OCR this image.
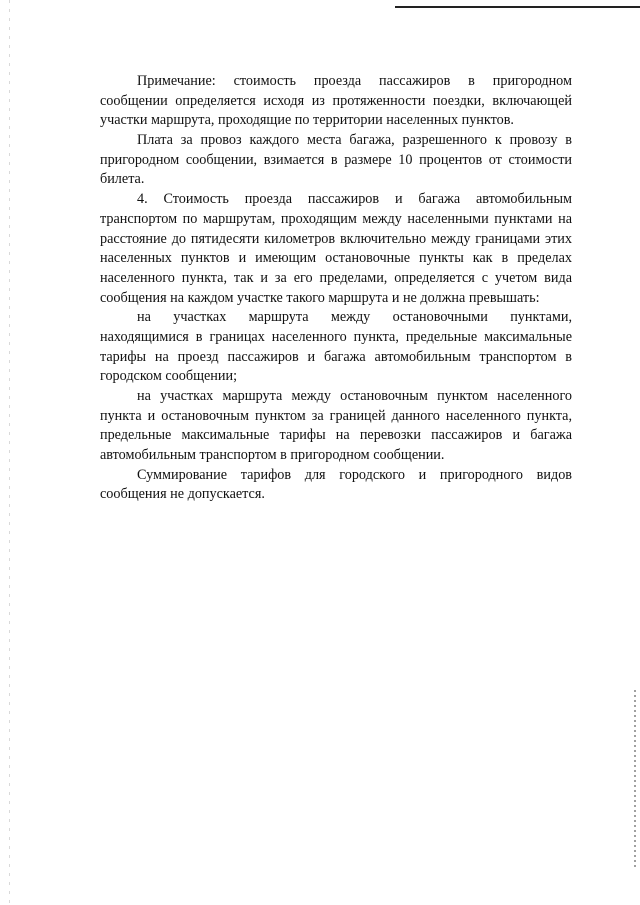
Примечание: стоимость проезда пассажиров в пригородном
сообщении определяется исходя из протяженности поездки, включающей
участки маршрута, проходящие по территории населенных пунктов.
Плата за провоз каждого места багажа, разрешенного к провозу в
пригородном сообщении, взимается в размере 10 процентов от стоимости
билета.
4. Стоимость проезда пассажиров и багажа автомобильным
транспортом по маршрутам, проходящим между населенными пунктами на
расстояние до пятидесяти километров включительно между границами этих
населенных пунктов и имеющим остановочные пункты как в пределах
населенного пункта, так и за его пределами, определяется с учетом вида
сообщения на каждом участке такого маршрута и не должна превышать:
на участках маршрута между остановочными пунктами,
находящимися в границах населенного пункта, предельные максимальные
тарифы на проезд пассажиров и багажа автомобильным транспортом в
городском сообщении;
на участках маршрута между остановочным пунктом населенного
пункта и остановочным пунктом за границей данного населенного пункта,
предельные максимальные тарифы на перевозки пассажиров и багажа
автомобильным транспортом в пригородном сообщении.
Суммирование тарифов для городского и пригородного видов
сообщения не допускается.
